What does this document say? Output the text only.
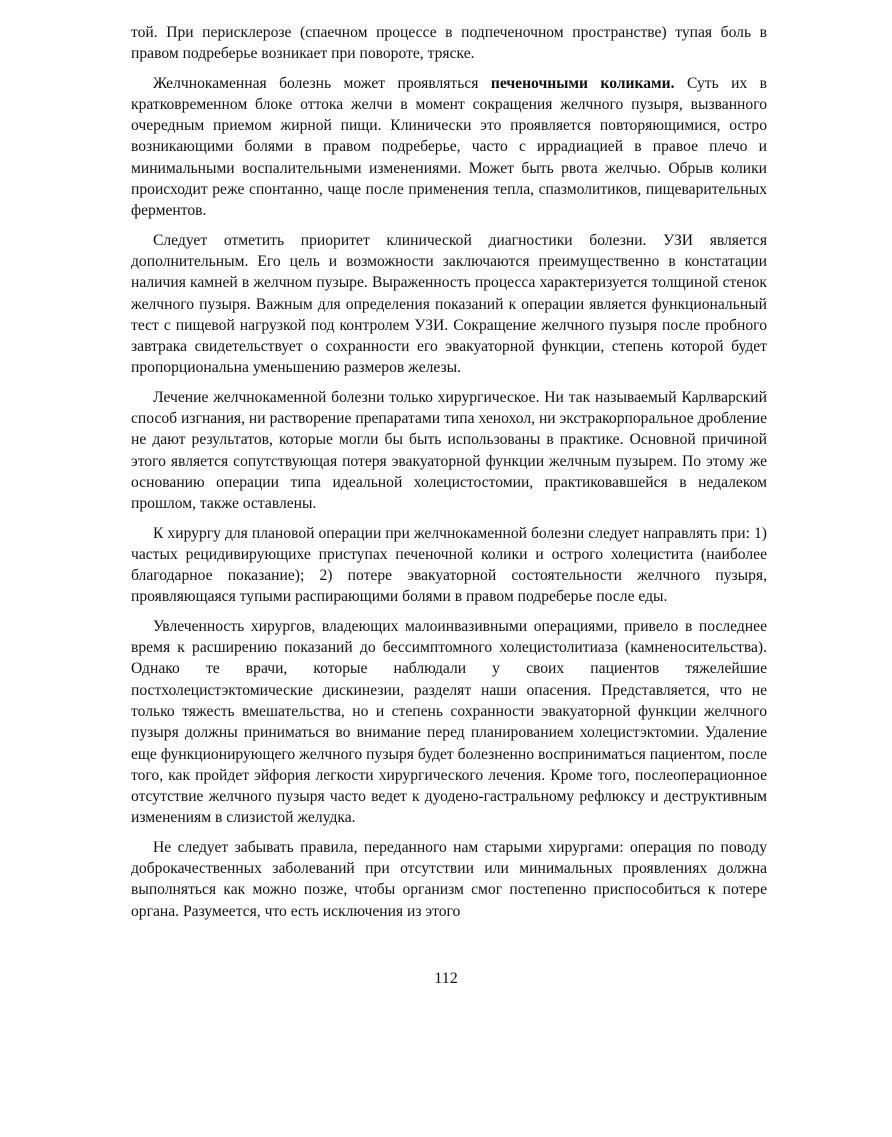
той. При перисклерозе (спаечном процессе в подпеченочном пространстве) тупая боль в правом подреберье возникает при повороте, тряске.

Желчнокаменная болезнь может проявляться печеночными коликами. Суть их в кратковременном блоке оттока желчи в момент сокращения желчного пузыря, вызванного очередным приемом жирной пищи. Клинически это проявляется повторяющимися, остро возникающими болями в правом подреберье, часто с иррадиацией в правое плечо и минимальными воспалительными изменениями. Может быть рвота желчью. Обрыв колики происходит реже спонтанно, чаще после применения тепла, спазмолитиков, пищеварительных ферментов.

Следует отметить приоритет клинической диагностики болезни. УЗИ является дополнительным. Его цель и возможности заключаются преимущественно в констатации наличия камней в желчном пузыре. Выраженность процесса характеризуется толщиной стенок желчного пузыря. Важным для определения показаний к операции является функциональный тест с пищевой нагрузкой под контролем УЗИ. Сокращение желчного пузыря после пробного завтрака свидетельствует о сохранности его эвакуаторной функции, степень которой будет пропорциональна уменьшению размеров железы.

Лечение желчнокаменной болезни только хирургическое. Ни так называемый Карлварский способ изгнания, ни растворение препаратами типа хенохол, ни экстракорпоральное дробление не дают результатов, которые могли бы быть использованы в практике. Основной причиной этого является сопутствующая потеря эвакуаторной функции желчным пузырем. По этому же основанию операции типа идеальной холецистостомии, практиковавшейся в недалеком прошлом, также оставлены.

К хирургу для плановой операции при желчнокаменной болезни следует направлять при: 1) частых рецидивирующихе приступах печеночной колики и острого холецистита (наиболее благодарное показание); 2) потере эвакуаторной состоятельности желчного пузыря, проявляющаяся тупыми распирающими болями в правом подреберье после еды.

Увлеченность хирургов, владеющих малоинвазивными операциями, привело в последнее время к расширению показаний до бессимптомного холецистолитиаза (камненосительства). Однако те врачи, которые наблюдали у своих пациентов тяжелейшие постхолецистэктомические дискинезии, разделят наши опасения. Представляется, что не только тяжесть вмешательства, но и степень сохранности эвакуаторной функции желчного пузыря должны приниматься во внимание перед планированием холецистэктомии. Удаление еще функционирующего желчного пузыря будет болезненно восприниматься пациентом, после того, как пройдет эйфория легкости хирургического лечения. Кроме того, послеоперационное отсутствие желчного пузыря часто ведет к дуодено-гастральному рефлюксу и деструктивным изменениям в слизистой желудка.

Не следует забывать правила, переданного нам старыми хирургами: операция по поводу доброкачественных заболеваний при отсутствии или минимальных проявлениях должна выполняться как можно позже, чтобы организм смог постепенно приспособиться к потере органа. Разумеется, что есть исключения из этого

112
